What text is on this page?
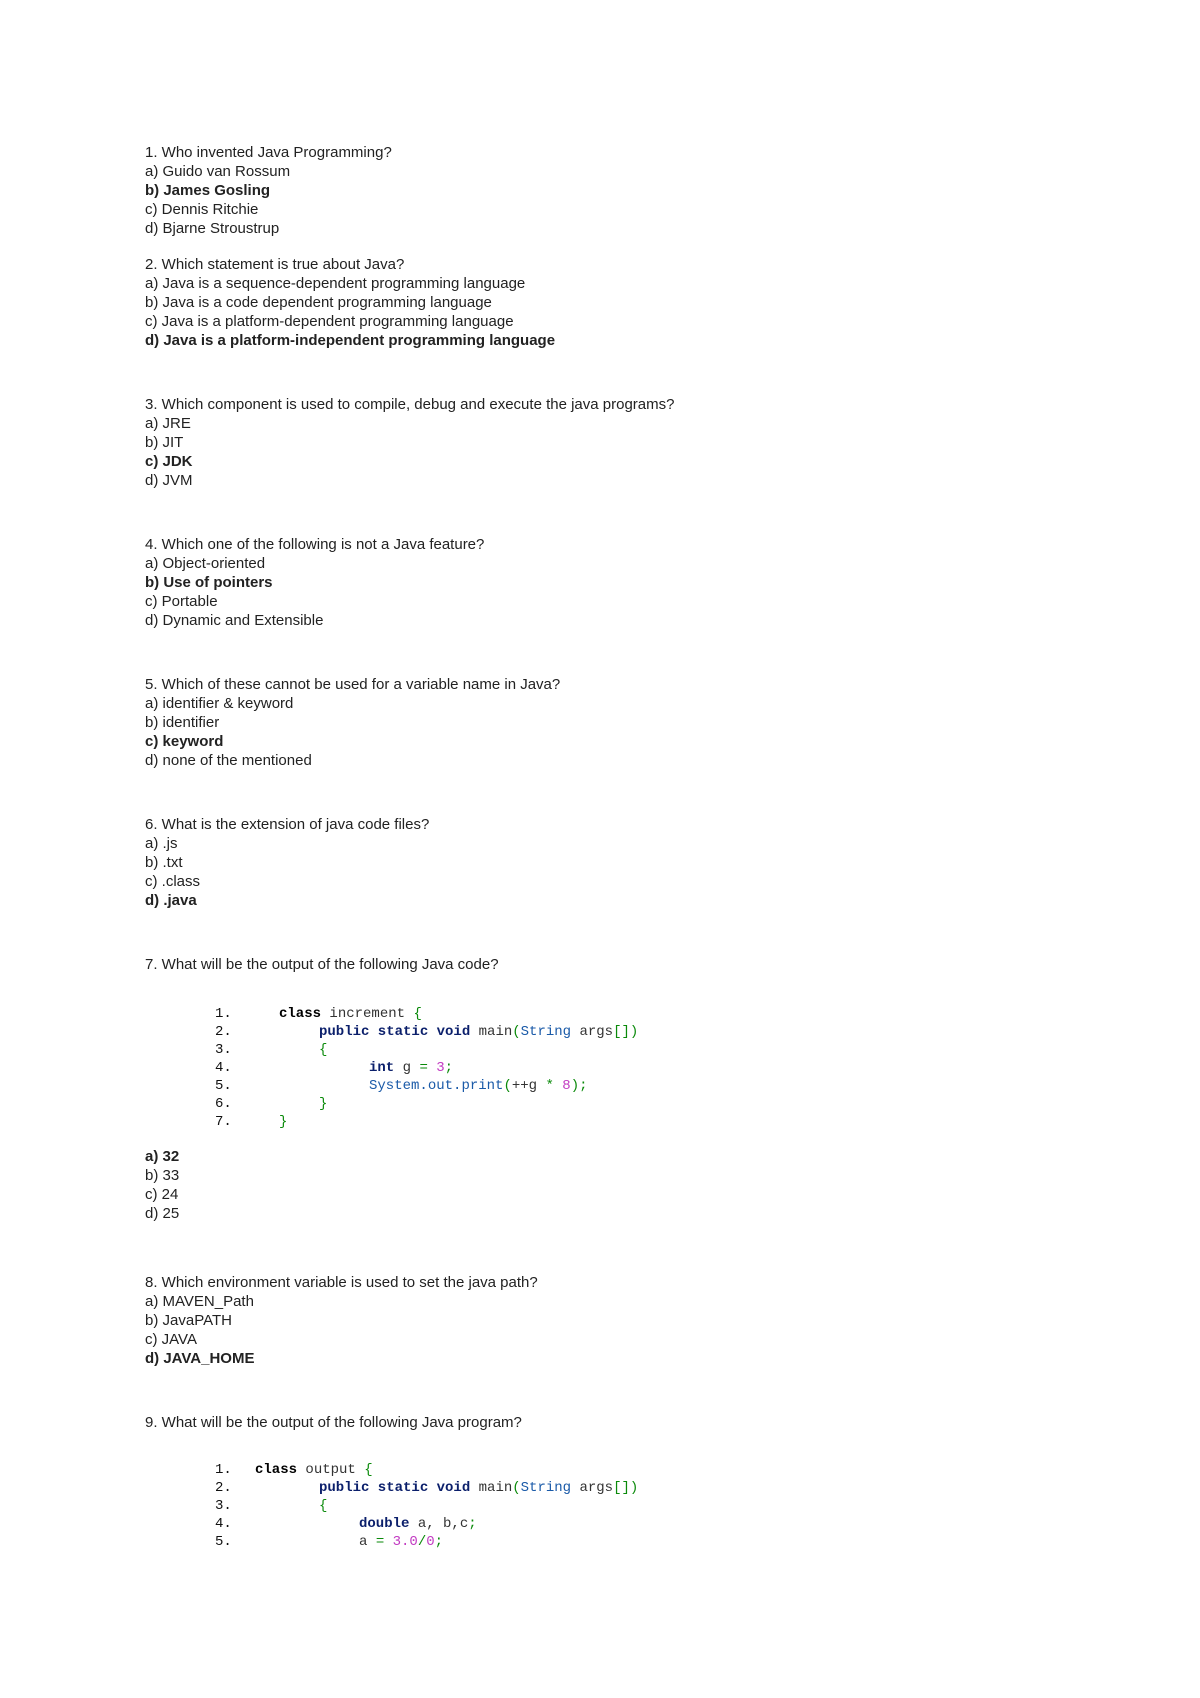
1. Who invented Java Programming?
a) Guido van Rossum
b) James Gosling
c) Dennis Ritchie
d) Bjarne Stroustrup
2. Which statement is true about Java?
a) Java is a sequence-dependent programming language
b) Java is a code dependent programming language
c) Java is a platform-dependent programming language
d) Java is a platform-independent programming language
3. Which component is used to compile, debug and execute the java programs?
a) JRE
b) JIT
c) JDK
d) JVM
4. Which one of the following is not a Java feature?
a) Object-oriented
b) Use of pointers
c) Portable
d) Dynamic and Extensible
5. Which of these cannot be used for a variable name in Java?
a) identifier & keyword
b) identifier
c) keyword
d) none of the mentioned
6. What is the extension of java code files?
a) .js
b) .txt
c) .class
d) .java
7. What will be the output of the following Java code?
1.	class increment {
2.	public static void main(String args[])
3.	{
4.	int g = 3;
5.	System.out.print(++g * 8);
6.	}
7.	}
a) 32
b) 33
c) 24
d) 25
8. Which environment variable is used to set the java path?
a) MAVEN_Path
b) JavaPATH
c) JAVA
d) JAVA_HOME
9. What will be the output of the following Java program?
1. class output {
2.	public static void main(String args[])
3.	{
4.	double a, b,c;
5.	a = 3.0/0;
